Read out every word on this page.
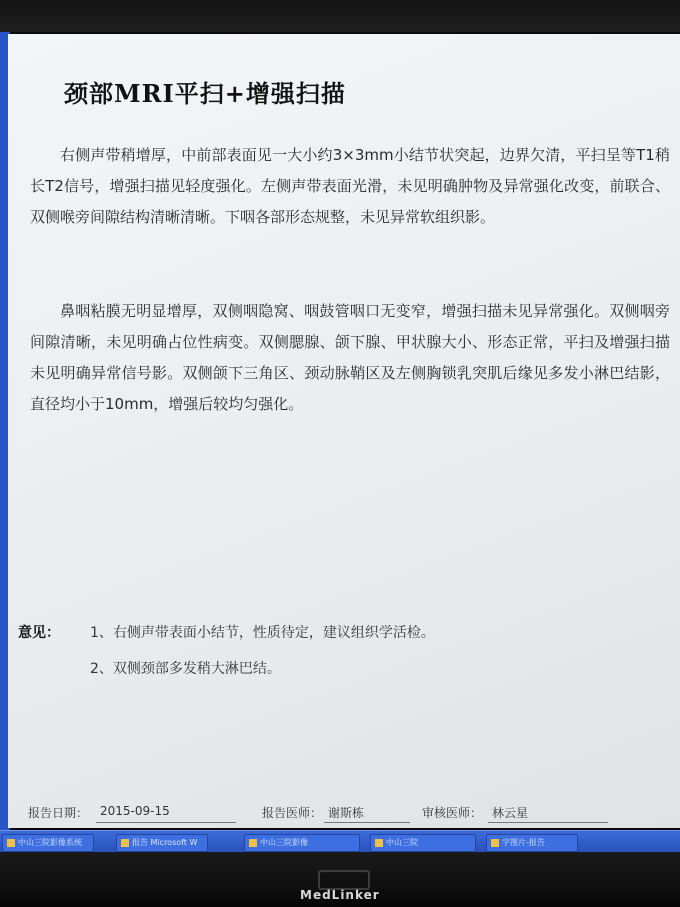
颈部MRI平扫+增强扫描
右侧声带稍增厚，中前部表面见一大小约3×3mm小结节状突起，边界欠清，平扫呈等T1稍长T2信号，增强扫描见轻度强化。左侧声带表面光滑，未见明确肿物及异常强化改变，前联合、双侧喉旁间隙结构清晰清晰。下咽各部形态规整，未见异常软组织影。
鼻咽粘膜无明显增厚，双侧咽隐窝、咽鼓管咽口无变窄，增强扫描未见异常强化。双侧咽旁间隙清晰，未见明确占位性病变。双侧腮腺、颌下腺、甲状腺大小、形态正常，平扫及增强扫描未见明确异常信号影。双侧颌下三角区、颈动脉鞘区及左侧胸锁乳突肌后缘见多发小淋巴结影，直径均小于10mm，增强后较均匀强化。
意见： 1、右侧声带表面小结节，性质待定，建议组织学活检。
2、双侧颈部多发稍大淋巴结。
报告日期： 2015-09-15	报告医师： 谢斯栋	审核医师： 林云星
中山三院影像系统	报告 Microsoft W	中山三院影像	中山三院	字图片-报告
MedLinker
